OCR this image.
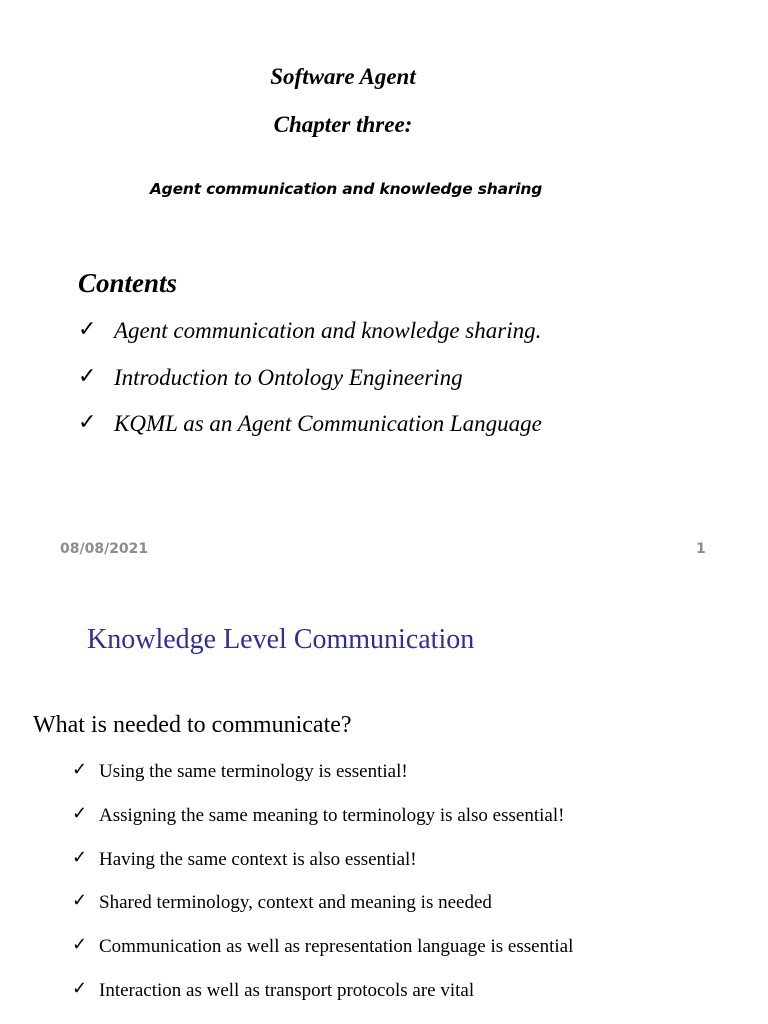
Software Agent
Chapter three:
Agent communication and knowledge sharing
Contents
✓ Agent communication and knowledge sharing.
✓ Introduction to Ontology Engineering
✓ KQML as an Agent Communication Language
08/08/2021	1
Knowledge Level Communication
What is needed to communicate?
✓ Using the same terminology is essential!
✓ Assigning the same meaning to terminology is also essential!
✓ Having the same context is also essential!
✓ Shared terminology, context and meaning is needed
✓ Communication as well as representation language is essential
✓ Interaction as well as transport protocols are vital
